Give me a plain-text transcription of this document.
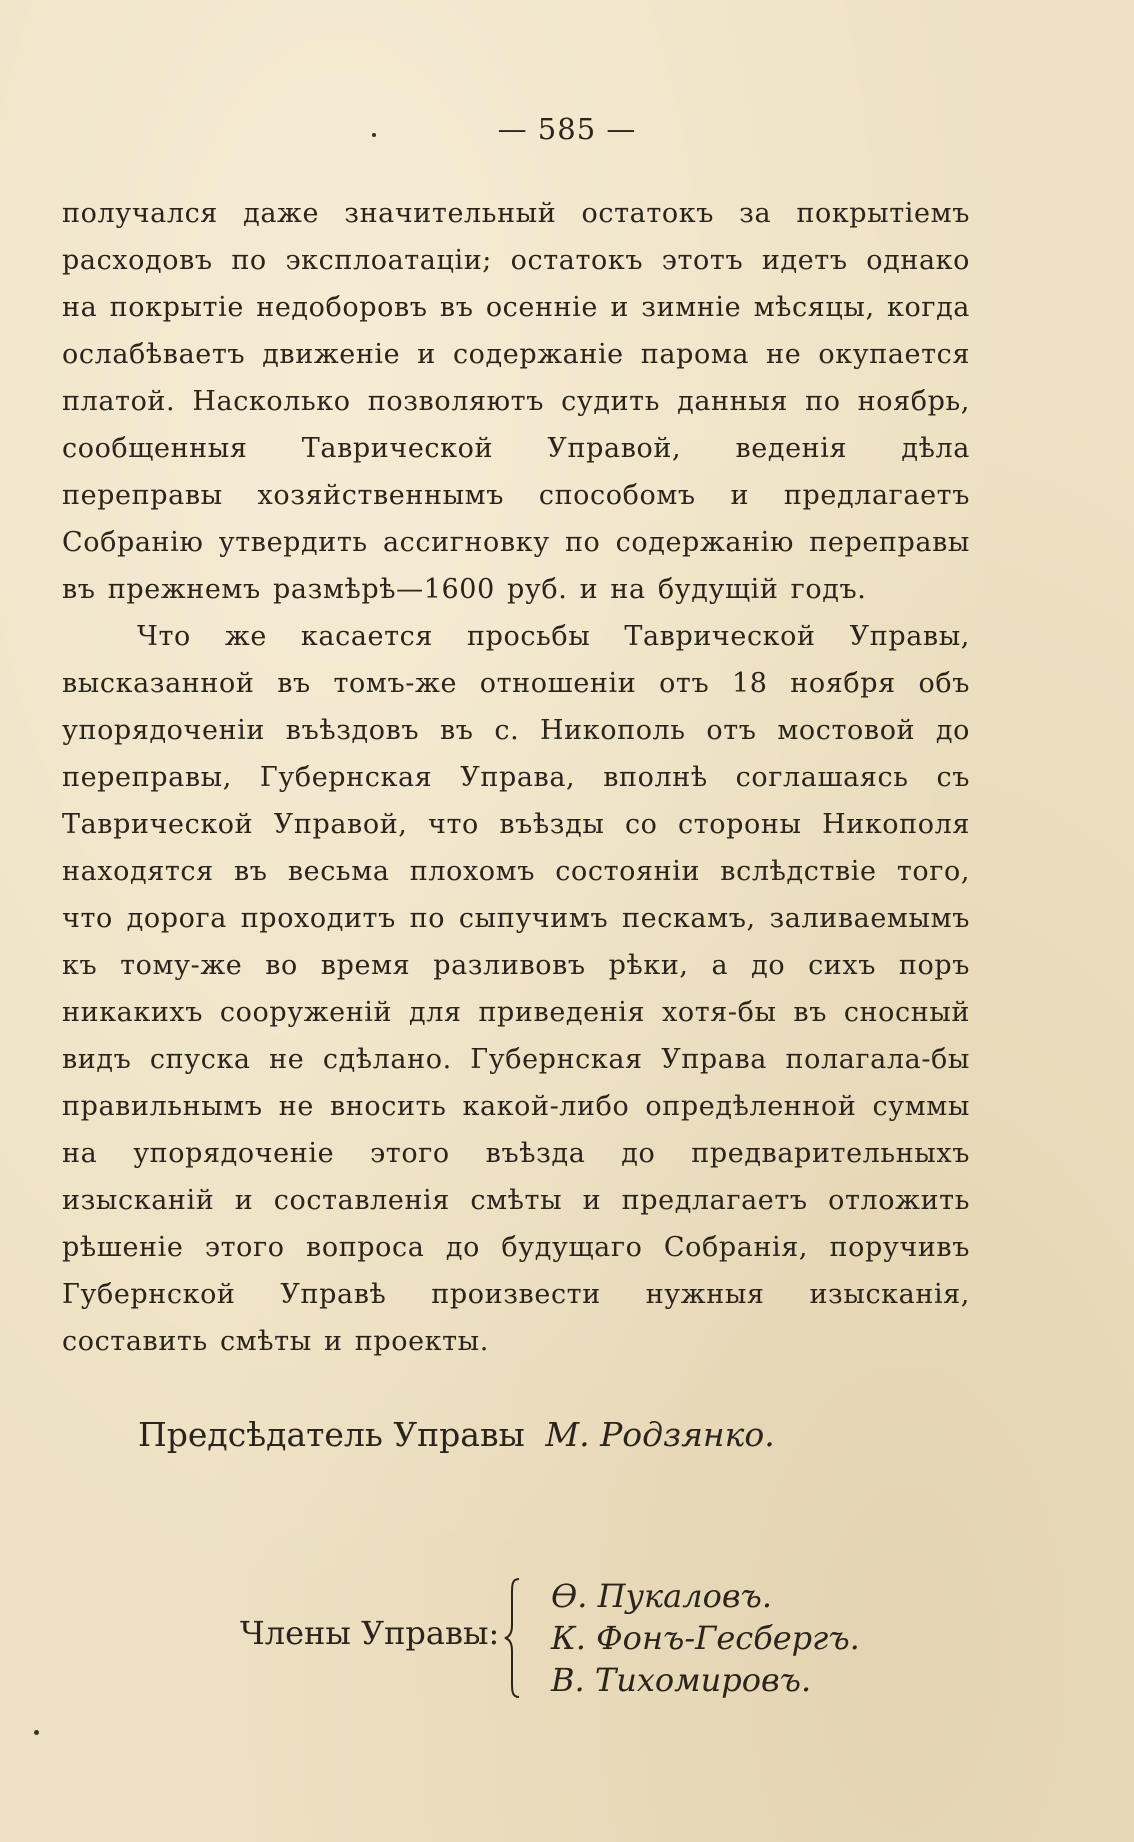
— 585 —

получался даже значительный остатокъ за покрытіемъ расходовъ по эксплоатаціи; остатокъ этотъ идетъ однако на покрытіе недоборовъ въ осенніе и зимніе мѣсяцы, когда ослабѣваетъ движеніе и содержаніе парома не окупается платой. Насколько позволяютъ судить данныя по ноябрь, сообщенныя Таврической Управой, веденія дѣла переправы хозяйственнымъ способомъ и предлагаетъ Собранію утвердить ассигновку по содержанію переправы въ прежнемъ размѣрѣ—1600 руб. и на будущій годъ.

Что же касается просьбы Таврической Управы, высказанной въ томъ-же отношеніи отъ 18 ноября объ упорядоченіи въѣздовъ въ с. Никополь отъ мостовой до переправы, Губернская Управа, вполнѣ соглашаясь съ Таврической Управой, что въѣзды со стороны Никополя находятся въ весьма плохомъ состояніи вслѣдствіе того, что дорога проходитъ по сыпучимъ пескамъ, заливаемымъ къ тому-же во время разливовъ рѣки, а до сихъ поръ никакихъ сооруженій для приведенія хотя-бы въ сносный видъ спуска не сдѣлано. Губернская Управа полагала-бы правильнымъ не вносить какой-либо опредѣленной суммы на упорядоченіе этого въѣзда до предварительныхъ изысканій и составленія смѣты и предлагаетъ отложить рѣшеніе этого вопроса до будущаго Собранія, поручивъ Губернской Управѣ произвести нужныя изысканія, составить смѣты и проекты.

Предсѣдатель Управы М. Родзянко.
Члены Управы:
Ѳ. Пукаловъ.
К. Фонъ-Гесбергъ.
В. Тихомировъ.
